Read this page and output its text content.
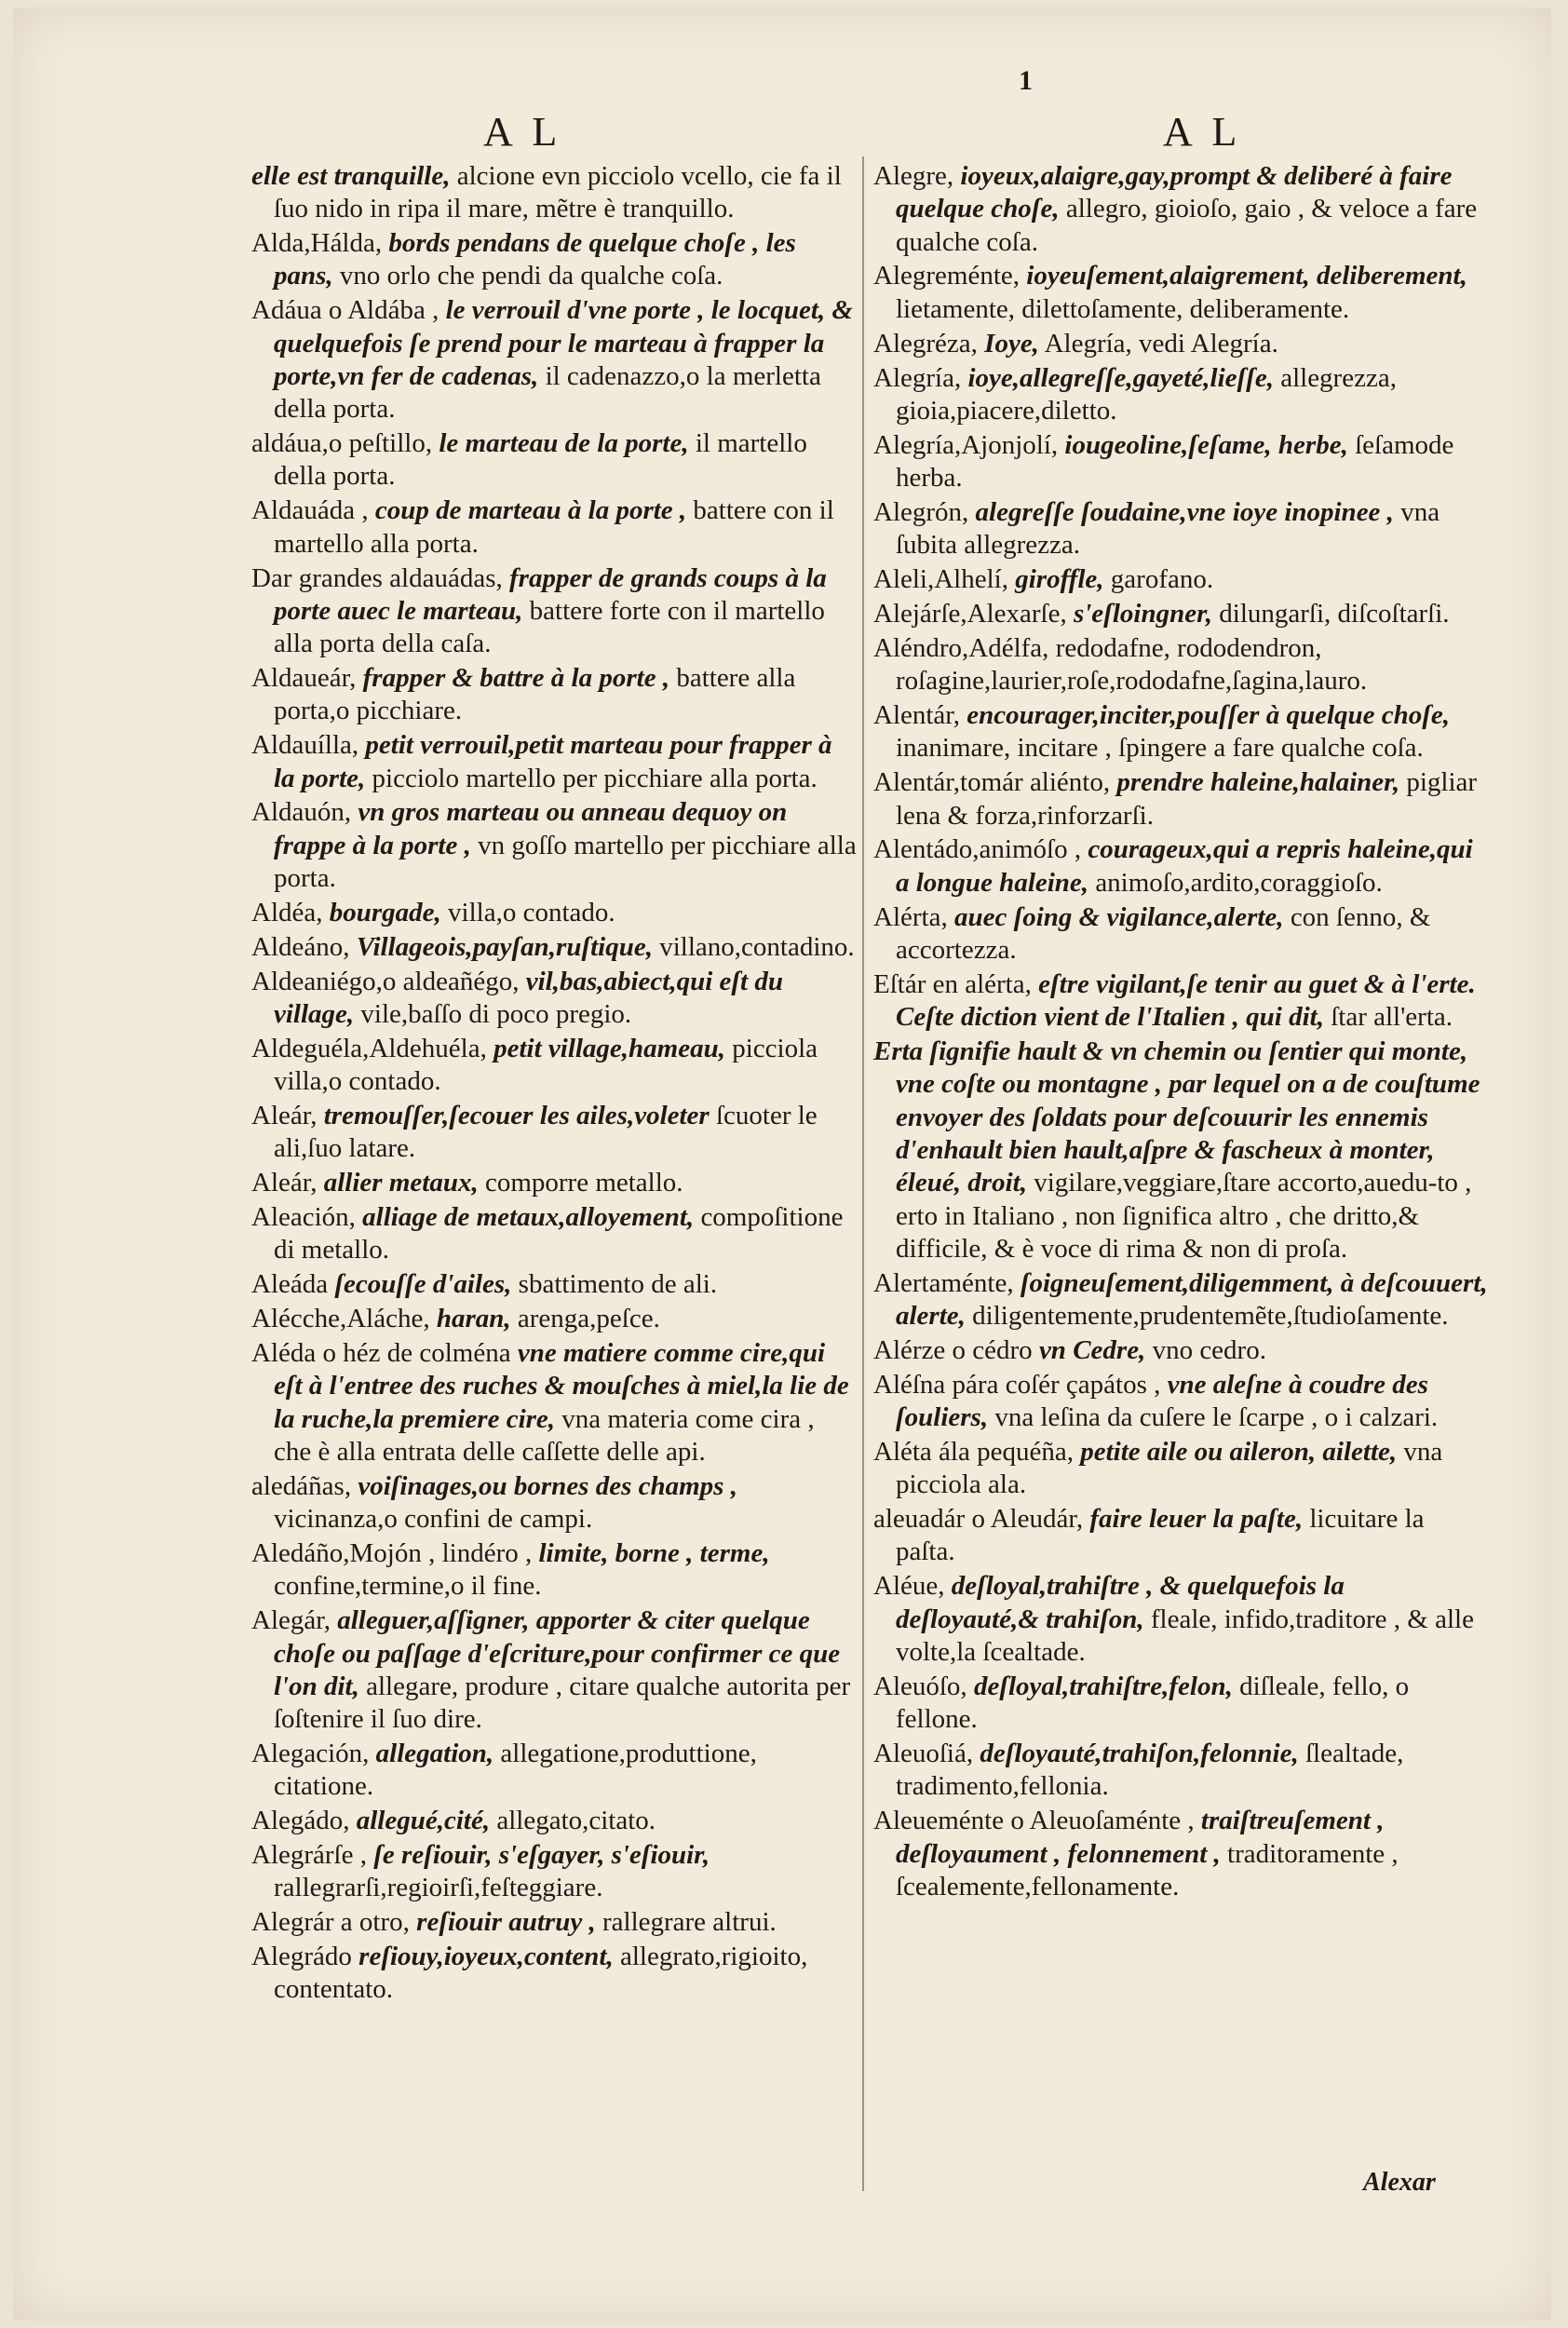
1
A L	A L

elle est tranquille, alcione evn picciolo vcello, cie fa il ſuo nido in ripa il mare, mẽtre è tranquillo.

Alda,Hálda, bords pendans de quelque choſe , les pans, vno orlo che pendi da qualche coſa.

Adáua o Aldába , le verrouil d'vne porte , le locquet, & quelquefois ſe prend pour le marteau à frapper la porte,vn fer de cadenas, il cadenazzo,o la merletta della porta.

aldáua,o peſtillo, le marteau de la porte, il martello della porta.

Aldauáda , coup de marteau à la porte , battere con il martello alla porta.

Dar grandes aldauádas, frapper de grands coups à la porte auec le marteau, battere forte con il martello alla porta della caſa.

Aldaueár, frapper & battre à la porte , battere alla porta,o picchiare.

Aldauílla, petit verrouil,petit marteau pour frapper à la porte, picciolo martello per picchiare alla porta.

Aldauón, vn gros marteau ou anneau dequoy on frappe à la porte , vn goſſo martello per picchiare alla porta.

Aldéa, bourgade, villa,o contado.

Aldeáno, Villageois,payſan,ruſtique, villano,contadino.

Aldeaniégo,o aldeañégo, vil,bas,abiect,qui eſt du village, vile,baſſo di poco pregio.

Aldeguéla,Aldehuéla, petit village,hameau, picciola villa,o contado.

Aleár, tremouſſer,ſecouer les ailes,voleter ſcuoter le ali,ſuo latare.

Aleár, allier metaux, comporre metallo.

Aleación, alliage de metaux,alloyement, compoſitione di metallo.

Aleáda ſecouſſe d'ailes, sbattimento de ali.

Alécche,Aláche, haran, arenga,peſce.

Aléda o héz de colména vne matiere comme cire,qui eſt à l'entree des ruches & mouſches à miel,la lie de la ruche,la premiere cire, vna materia come cira , che è alla entrata delle caſſette delle api.

aledáñas, voiſinages,ou bornes des champs , vicinanza,o confini de campi.

Aledáño,Mojón , lindéro , limite, borne , terme, confine,termine,o il fine.

Alegár, alleguer,aſſigner, apporter & citer quelque choſe ou paſſage d'eſcriture,pour confirmer ce que l'on dit, allegare, produre , citare qualche autorita per ſoſtenire il ſuo dire.

Alegación, allegation, allegatione,produttione, citatione.

Alegádo, allegué,cité, allegato,citato.

Alegrárſe , ſe reſiouir, s'eſgayer, s'eſiouir, rallegrarſi,regioirſi,feſteggiare.

Alegrár a otro, reſiouir autruy , rallegrare altrui.

Alegrádo reſiouy,ioyeux,content, allegrato,rigioito, contentato.

Alegre, ioyeux,alaigre,gay,prompt & deliberé à faire quelque choſe, allegro, gioioſo, gaio , & veloce a fare qualche coſa.

Alegreménte, ioyeuſement,alaigrement, deliberement, lietamente, dilettoſamente, deliberamente.

Alegréza, Ioye, Alegría, vedi Alegría.

Alegría, ioye,allegreſſe,gayeté,lieſſe, allegrezza, gioia,piacere,diletto.

Alegría,Ajonjolí, iougeoline,ſeſame, herbe, ſeſamode herba.

Alegrón, alegreſſe ſoudaine,vne ioye inopinee , vna ſubita allegrezza.

Aleli,Alhelí, giroffle, garofano.

Alejárſe,Alexarſe, s'eſloingner, dilungarſi, diſcoſtarſi.

Aléndro,Adélfa, redodafne, rododendron, roſagine,laurier,roſe,rododafne,ſagina,lauro.

Alentár, encourager,inciter,pouſſer à quelque choſe, inanimare, incitare , ſpingere a fare qualche coſa.

Alentár,tomár aliénto, prendre haleine,halainer, pigliar lena & forza,rinforzarſi.

Alentádo,animóſo , courageux,qui a repris haleine,qui a longue haleine, animoſo,ardito,coraggioſo.

Alérta, auec ſoing & vigilance,alerte, con ſenno, & accortezza.

Eſtár en alérta, eſtre vigilant,ſe tenir au guet & à l'erte. Ceſte diction vient de l'Italien , qui dit, ſtar all'erta.

Erta ſignifie hault & vn chemin ou ſentier qui monte, vne coſte ou montagne , par lequel on a de couſtume envoyer des ſoldats pour deſcouurir les ennemis d'enhault bien hault,aſpre & fascheux à monter, éleué, droit, vigilare,veggiare,ſtare accorto,auedu-to , erto in Italiano , non ſignifica altro , che dritto,& difficile, & è voce di rima & non di proſa.

Alertaménte, ſoigneuſement,diligemment, à deſcouuert, alerte, diligentemente,prudentemẽte,ſtudioſamente.

Alérze o cédro vn Cedre, vno cedro.

Aléſna pára coſér çapátos , vne aleſne à coudre des ſouliers, vna leſina da cuſere le ſcarpe , o i calzari.

Aléta ála pequéña, petite aile ou aileron, ailette, vna picciola ala.

aleuadár o Aleudár, faire leuer la paſte, licuitare la paſta.

Aléue, deſloyal,trahiſtre , & quelquefois la deſloyauté,& trahiſon, fleale, infido,traditore , & alle volte,la ſcealtade.

Aleuóſo, deſloyal,trahiſtre,felon, diſleale, fello, o fellone.

Aleuoſiá, deſloyauté,trahiſon,felonnie, ſlealtade, tradimento,fellonia.

Aleueménte o Aleuoſaménte , traiſtreuſement , deſloyaument , felonnement , traditoramente , ſcealemente,fellonamente.

Alexar
